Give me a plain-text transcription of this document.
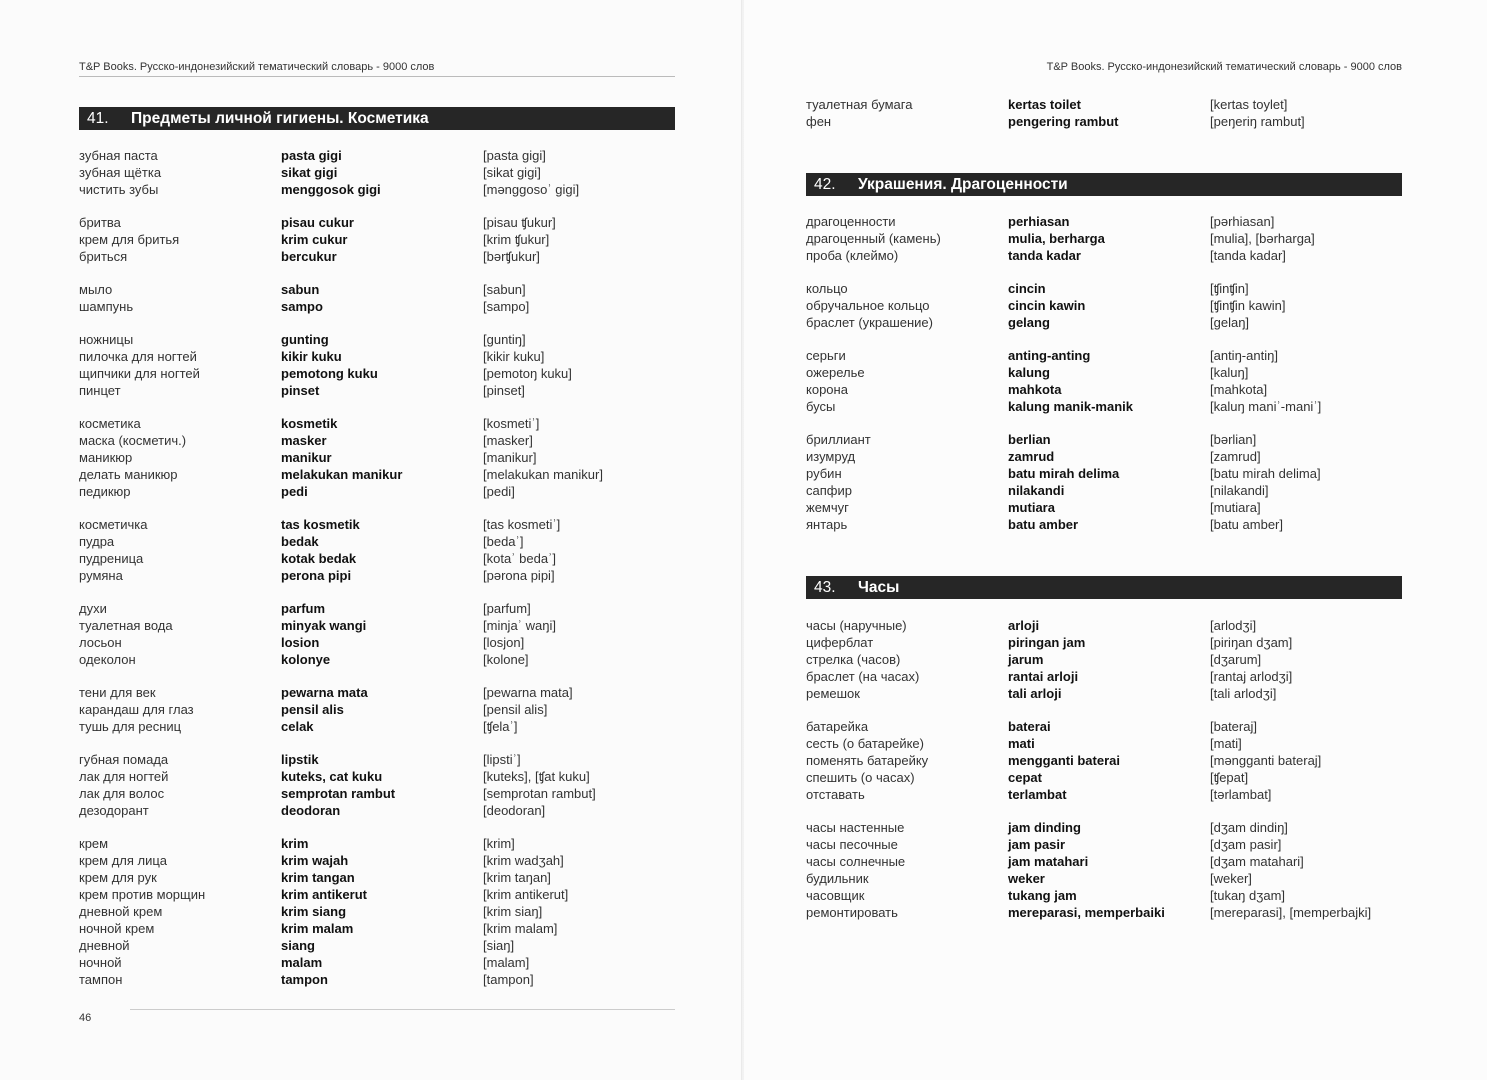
T&P Books. Русско-индонезийский тематический словарь - 9000 слов
41. Предметы личной гигиены. Косметика
зубная паста	pasta gigi	[pasta gigi]
зубная щётка	sikat gigi	[sikat gigi]
чистить зубы	menggosok gigi	[mənggosoʾ gigi]
бритва	pisau cukur	[pisau ʧukur]
крем для бритья	krim cukur	[krim ʧukur]
бриться	bercukur	[bərʧukur]
мыло	sabun	[sabun]
шампунь	sampo	[sampo]
ножницы	gunting	[guntiŋ]
пилочка для ногтей	kikir kuku	[kikir kuku]
щипчики для ногтей	pemotong kuku	[pemotoŋ kuku]
пинцет	pinset	[pinset]
косметика	kosmetik	[kosmetiʾ]
маска (косметич.)	masker	[masker]
маникюр	manikur	[manikur]
делать маникюр	melakukan manikur	[melakukan manikur]
педикюр	pedi	[pedi]
косметичка	tas kosmetik	[tas kosmetiʾ]
пудра	bedak	[bedaʾ]
пудреница	kotak bedak	[kotaʾ bedaʾ]
румяна	perona pipi	[pərona pipi]
духи	parfum	[parfum]
туалетная вода	minyak wangi	[minjaʾ waŋi]
лосьон	losion	[losjon]
одеколон	kolonye	[kolone]
тени для век	pewarna mata	[pewarna mata]
карандаш для глаз	pensil alis	[pensil alis]
тушь для ресниц	celak	[ʧelaʾ]
губная помада	lipstik	[lipstiʾ]
лак для ногтей	kuteks, cat kuku	[kuteks], [ʧat kuku]
лак для волос	semprotan rambut	[semprotan rambut]
дезодорант	deodoran	[deodoran]
крем	krim	[krim]
крем для лица	krim wajah	[krim wadʒah]
крем для рук	krim tangan	[krim taŋan]
крем против морщин	krim antikerut	[krim antikerut]
дневной крем	krim siang	[krim siaŋ]
ночной крем	krim malam	[krim malam]
дневной	siang	[siaŋ]
ночной	malam	[malam]
тампон	tampon	[tampon]
46
T&P Books. Русско-индонезийский тематический словарь - 9000 слов
туалетная бумага	kertas toilet	[kertas toylet]
фен	pengering rambut	[peŋeriŋ rambut]
42. Украшения. Драгоценности
драгоценности	perhiasan	[pərhiasan]
драгоценный (камень)	mulia, berharga	[mulia], [bərharga]
проба (клеймо)	tanda kadar	[tanda kadar]
кольцо	cincin	[ʧinʧin]
обручальное кольцо	cincin kawin	[ʧinʧin kawin]
браслет (украшение)	gelang	[gelaŋ]
серьги	anting-anting	[antiŋ-antiŋ]
ожерелье	kalung	[kaluŋ]
корона	mahkota	[mahkota]
бусы	kalung manik-manik	[kaluŋ maniʾ-maniʾ]
бриллиант	berlian	[bərlian]
изумруд	zamrud	[zamrud]
рубин	batu mirah delima	[batu mirah delima]
сапфир	nilakandi	[nilakandi]
жемчуг	mutiara	[mutiara]
янтарь	batu amber	[batu amber]
43. Часы
часы (наручные)	arloji	[arlodʒi]
циферблат	piringan jam	[piriŋan dʒam]
стрелка (часов)	jarum	[dʒarum]
браслет (на часах)	rantai arloji	[rantaj arlodʒi]
ремешок	tali arloji	[tali arlodʒi]
батарейка	baterai	[bateraj]
сесть (о батарейке)	mati	[mati]
поменять батарейку	mengganti baterai	[məngganti bateraj]
спешить (о часах)	cepat	[ʧepat]
отставать	terlambat	[tərlambat]
часы настенные	jam dinding	[dʒam dindiŋ]
часы песочные	jam pasir	[dʒam pasir]
часы солнечные	jam matahari	[dʒam matahari]
будильник	weker	[weker]
часовщик	tukang jam	[tukaŋ dʒam]
ремонтировать	mereparasi, memperbaiki	[mereparasi], [memperbajki]
